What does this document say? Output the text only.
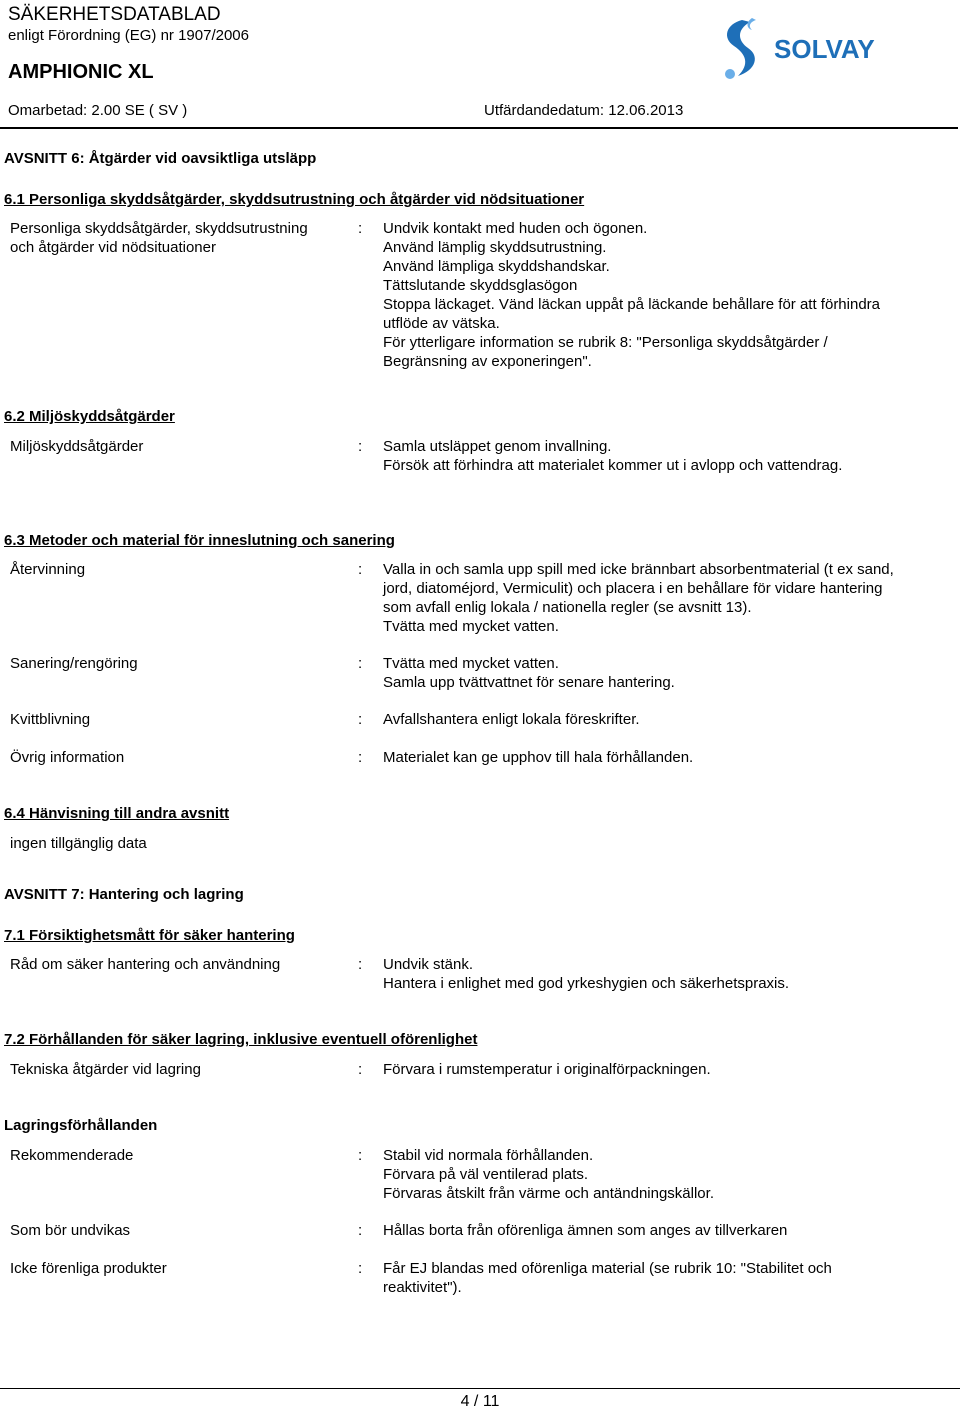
SÄKERHETSDATABLAD
enligt Förordning (EG) nr 1907/2006
AMPHIONIC XL
Omarbetad: 2.00 SE ( SV )	Utfärdandedatum: 12.06.2013
SOLVAY
AVSNITT 6: Åtgärder vid oavsiktliga utsläpp
6.1 Personliga skyddsåtgärder, skyddsutrustning och åtgärder vid nödsituationer
Personliga skyddsåtgärder, skyddsutrustning
och åtgärder vid nödsituationer
: Undvik kontakt med huden och ögonen.
Använd lämplig skyddsutrustning.
Använd lämpliga skyddshandskar.
Tättslutande skyddsglasögon
Stoppa läckaget. Vänd läckan uppåt på läckande behållare för att förhindra
utflöde av vätska.
För ytterligare information se rubrik 8: "Personliga skyddsåtgärder /
Begränsning av exponeringen".
6.2 Miljöskyddsåtgärder
Miljöskyddsåtgärder	: Samla utsläppet genom invallning.
Försök att förhindra att materialet kommer ut i avlopp och vattendrag.
6.3 Metoder och material för inneslutning och sanering
Återvinning	: Valla in och samla upp spill med icke brännbart absorbentmaterial (t ex sand,
jord, diatoméjord, Vermiculit) och placera i en behållare för vidare hantering
som avfall enlig lokala / nationella regler (se avsnitt 13).
Tvätta med mycket vatten.
Sanering/rengöring	: Tvätta med mycket vatten.
Samla upp tvättvattnet för senare hantering.
Kvittblivning	: Avfallshantera enligt lokala föreskrifter.
Övrig information	: Materialet kan ge upphov till hala förhållanden.
6.4 Hänvisning till andra avsnitt
ingen tillgänglig data
AVSNITT 7: Hantering och lagring
7.1 Försiktighetsmått för säker hantering
Råd om säker hantering och användning	: Undvik stänk.
Hantera i enlighet med god yrkeshygien och säkerhetspraxis.
7.2 Förhållanden för säker lagring, inklusive eventuell oförenlighet
Tekniska åtgärder vid lagring	: Förvara i rumstemperatur i originalförpackningen.
Lagringsförhållanden
Rekommenderade	: Stabil vid normala förhållanden.
Förvara på väl ventilerad plats.
Förvaras åtskilt från värme och antändningskällor.
Som bör undvikas	: Hållas borta från oförenliga ämnen som anges av tillverkaren
Icke förenliga produkter	: Får EJ blandas med oförenliga material (se rubrik 10: "Stabilitet och
reaktivitet").
4 / 11
